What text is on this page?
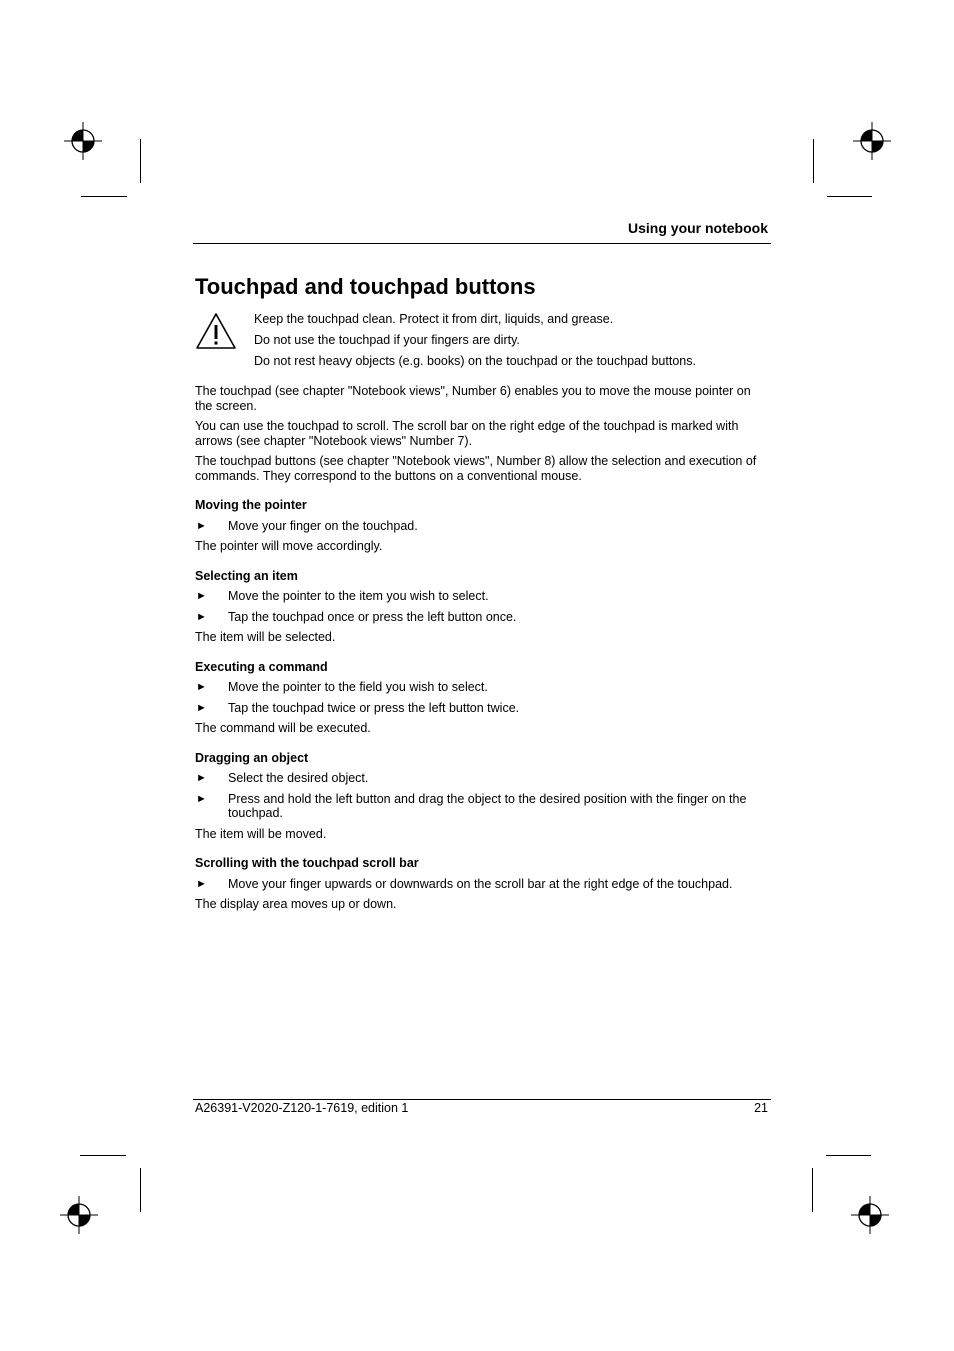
Using your notebook
Touchpad and touchpad buttons
Keep the touchpad clean. Protect it from dirt, liquids, and grease.
Do not use the touchpad if your fingers are dirty.
Do not rest heavy objects (e.g. books) on the touchpad or the touchpad buttons.

The touchpad (see chapter "Notebook views", Number 6) enables you to move the mouse pointer on the screen.

You can use the touchpad to scroll. The scroll bar on the right edge of the touchpad is marked with arrows (see chapter "Notebook views" Number 7).

The touchpad buttons (see chapter "Notebook views", Number 8) allow the selection and execution of commands. They correspond to the buttons on a conventional mouse.

Moving the pointer
►	Move your finger on the touchpad.

The pointer will move accordingly.

Selecting an item
►	Move the pointer to the item you wish to select.
►	Tap the touchpad once or press the left button once.

The item will be selected.

Executing a command
►	Move the pointer to the field you wish to select.
►	Tap the touchpad twice or press the left button twice.

The command will be executed.

Dragging an object
►	Select the desired object.
►	Press and hold the left button and drag the object to the desired position with the finger on the touchpad.

The item will be moved.

Scrolling with the touchpad scroll bar
►	Move your finger upwards or downwards on the scroll bar at the right edge of the touchpad.

The display area moves up or down.

A26391-V2020-Z120-1-7619, edition 1	21
